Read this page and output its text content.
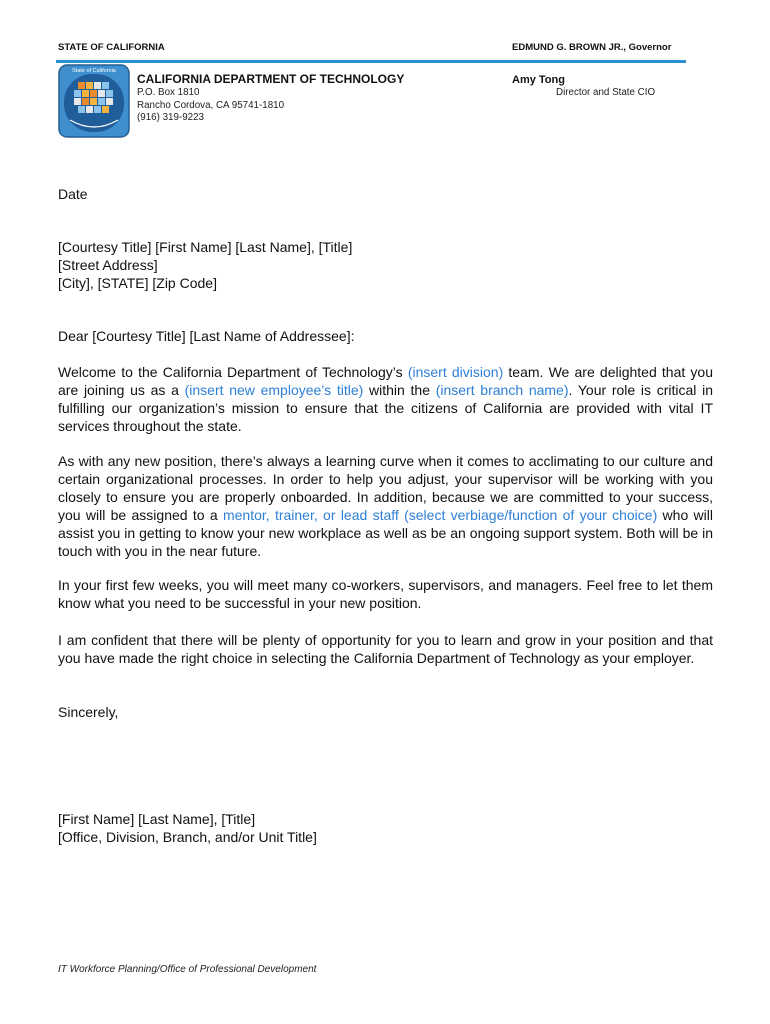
STATE OF CALIFORNIA	EDMUND G. BROWN JR., Governor
State of California
CALIFORNIA DEPARTMENT OF TECHNOLOGY
P.O. Box 1810
Rancho Cordova, CA 95741-1810
(916) 319-9223
Amy Tong
Director and State CIO
Date
[Courtesy Title] [First Name] [Last Name], [Title]
[Street Address]
[City], [STATE] [Zip Code]
Dear [Courtesy Title] [Last Name of Addressee]:

Welcome to the California Department of Technology’s (insert division) team. We are delighted that you are joining us as a (insert new employee’s title) within the (insert branch name). Your role is critical in fulfilling our organization’s mission to ensure that the citizens of California are provided with vital IT services throughout the state.

As with any new position, there’s always a learning curve when it comes to acclimating to our culture and certain organizational processes. In order to help you adjust, your supervisor will be working with you closely to ensure you are properly onboarded. In addition, because we are committed to your success, you will be assigned to a mentor, trainer, or lead staff (select verbiage/function of your choice) who will assist you in getting to know your new workplace as well as be an ongoing support system. Both will be in touch with you in the near future.

In your first few weeks, you will meet many co-workers, supervisors, and managers. Feel free to let them know what you need to be successful in your new position.

I am confident that there will be plenty of opportunity for you to learn and grow in your position and that you have made the right choice in selecting the California Department of Technology as your employer.

Sincerely,
[First Name] [Last Name], [Title]
[Office, Division, Branch, and/or Unit Title]
IT Workforce Planning/Office of Professional Development
